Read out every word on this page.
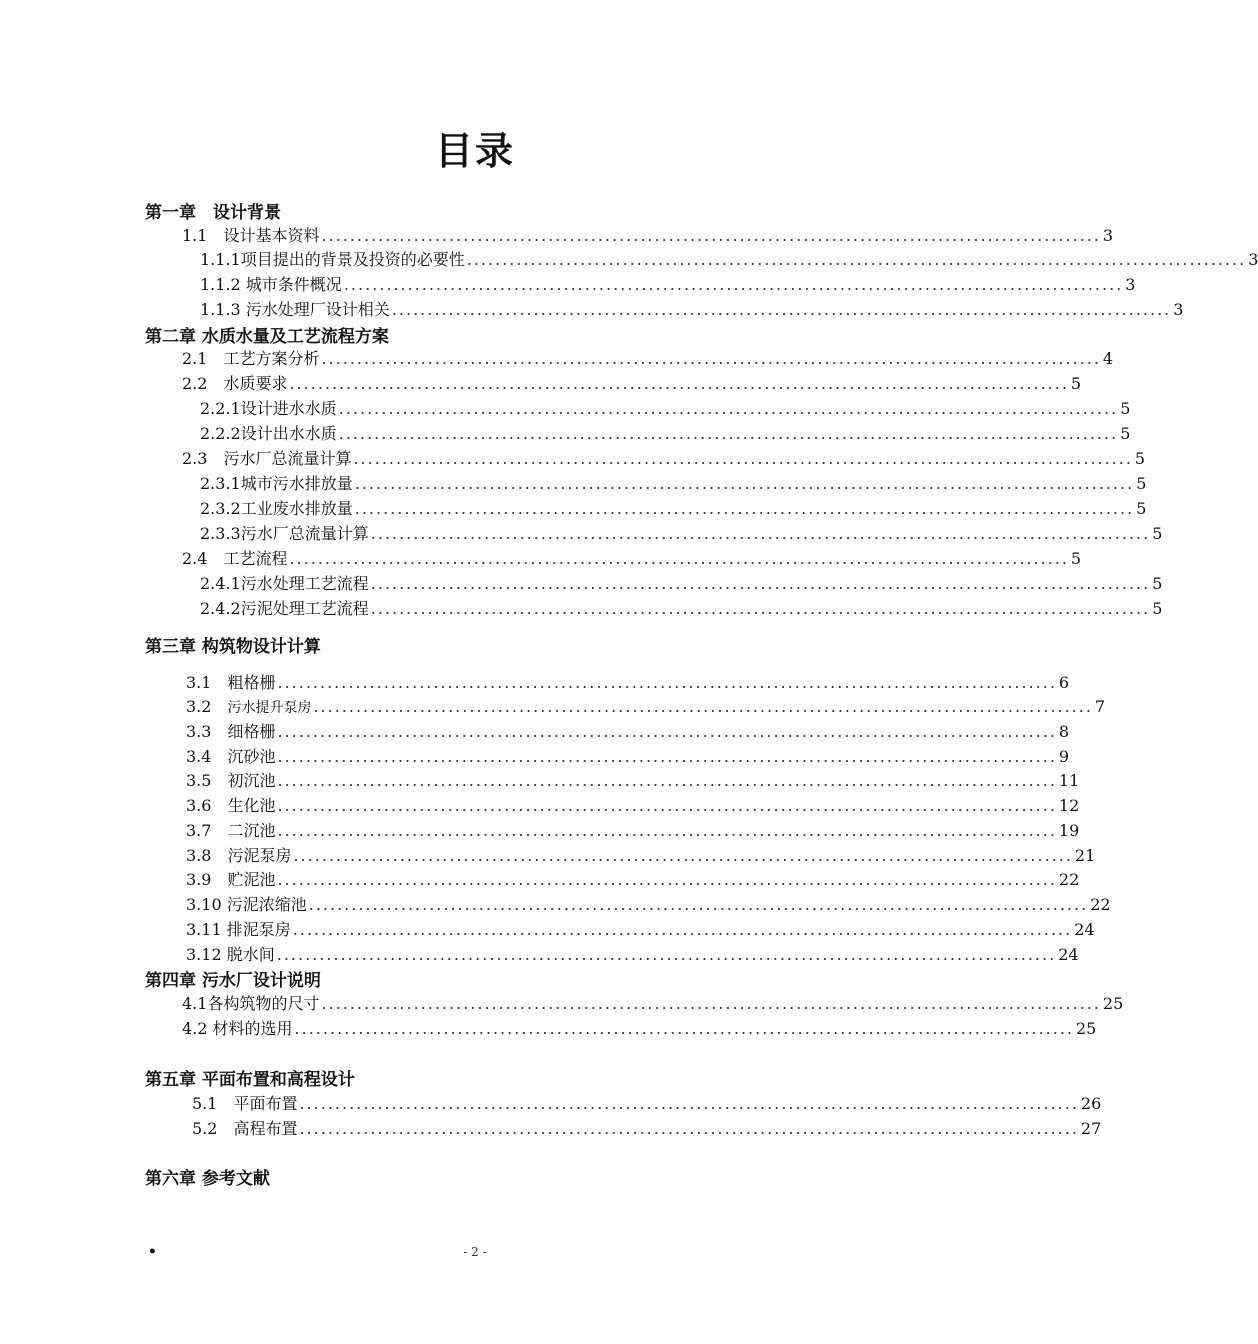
目录
第一章　设计背景
第二章 水质水量及工艺流程方案
第三章 构筑物设计计算
第四章 污水厂设计说明
第五章 平面布置和高程设计
第六章 参考文献
1.1　 设计基本资料 .............................................................................................................. 3
1.1.1 项目提出的背景及投资的必要性 .............................................................................................................. 3
1.1.2 城市条件概况 .............................................................................................................. 3
1.1.3 污水处理厂设计相关 .............................................................................................................. 3
2.1　 工艺方案分析 .............................................................................................................. 4
2.2　 水质要求 .............................................................................................................. 5
2.2.1 设计进水水质 .............................................................................................................. 5
2.2.2 设计出水水质 .............................................................................................................. 5
2.3　 污水厂总流量计算 .............................................................................................................. 5
2.3.1 城市污水排放量 .............................................................................................................. 5
2.3.2 工业废水排放量 .............................................................................................................. 5
2.3.3 污水厂总流量计算 .............................................................................................................. 5
2.4　 工艺流程 .............................................................................................................. 5
2.4.1 污水处理工艺流程 .............................................................................................................. 5
2.4.2 污泥处理工艺流程 .............................................................................................................. 5
3.1　 粗格栅 .............................................................................................................. 6
3.2　 污水提升泵房 .............................................................................................................. 7
3.3　 细格栅 .............................................................................................................. 8
3.4　 沉砂池 .............................................................................................................. 9
3.5　 初沉池 .............................................................................................................. 11
3.6　 生化池 .............................................................................................................. 12
3.7　 二沉池 .............................................................................................................. 19
3.8　 污泥泵房 .............................................................................................................. 21
3.9　 贮泥池 .............................................................................................................. 22
3.10 污泥浓缩池 .............................................................................................................. 22
3.11 排泥泵房 .............................................................................................................. 24
3.12 脱水间 .............................................................................................................. 24
4.1 各构筑物的尺寸 .............................................................................................................. 25
4.2 材料的选用 .............................................................................................................. 25
5.1　 平面布置 .............................................................................................................. 26
5.2　 高程布置 .............................................................................................................. 27
•	- 2 -
